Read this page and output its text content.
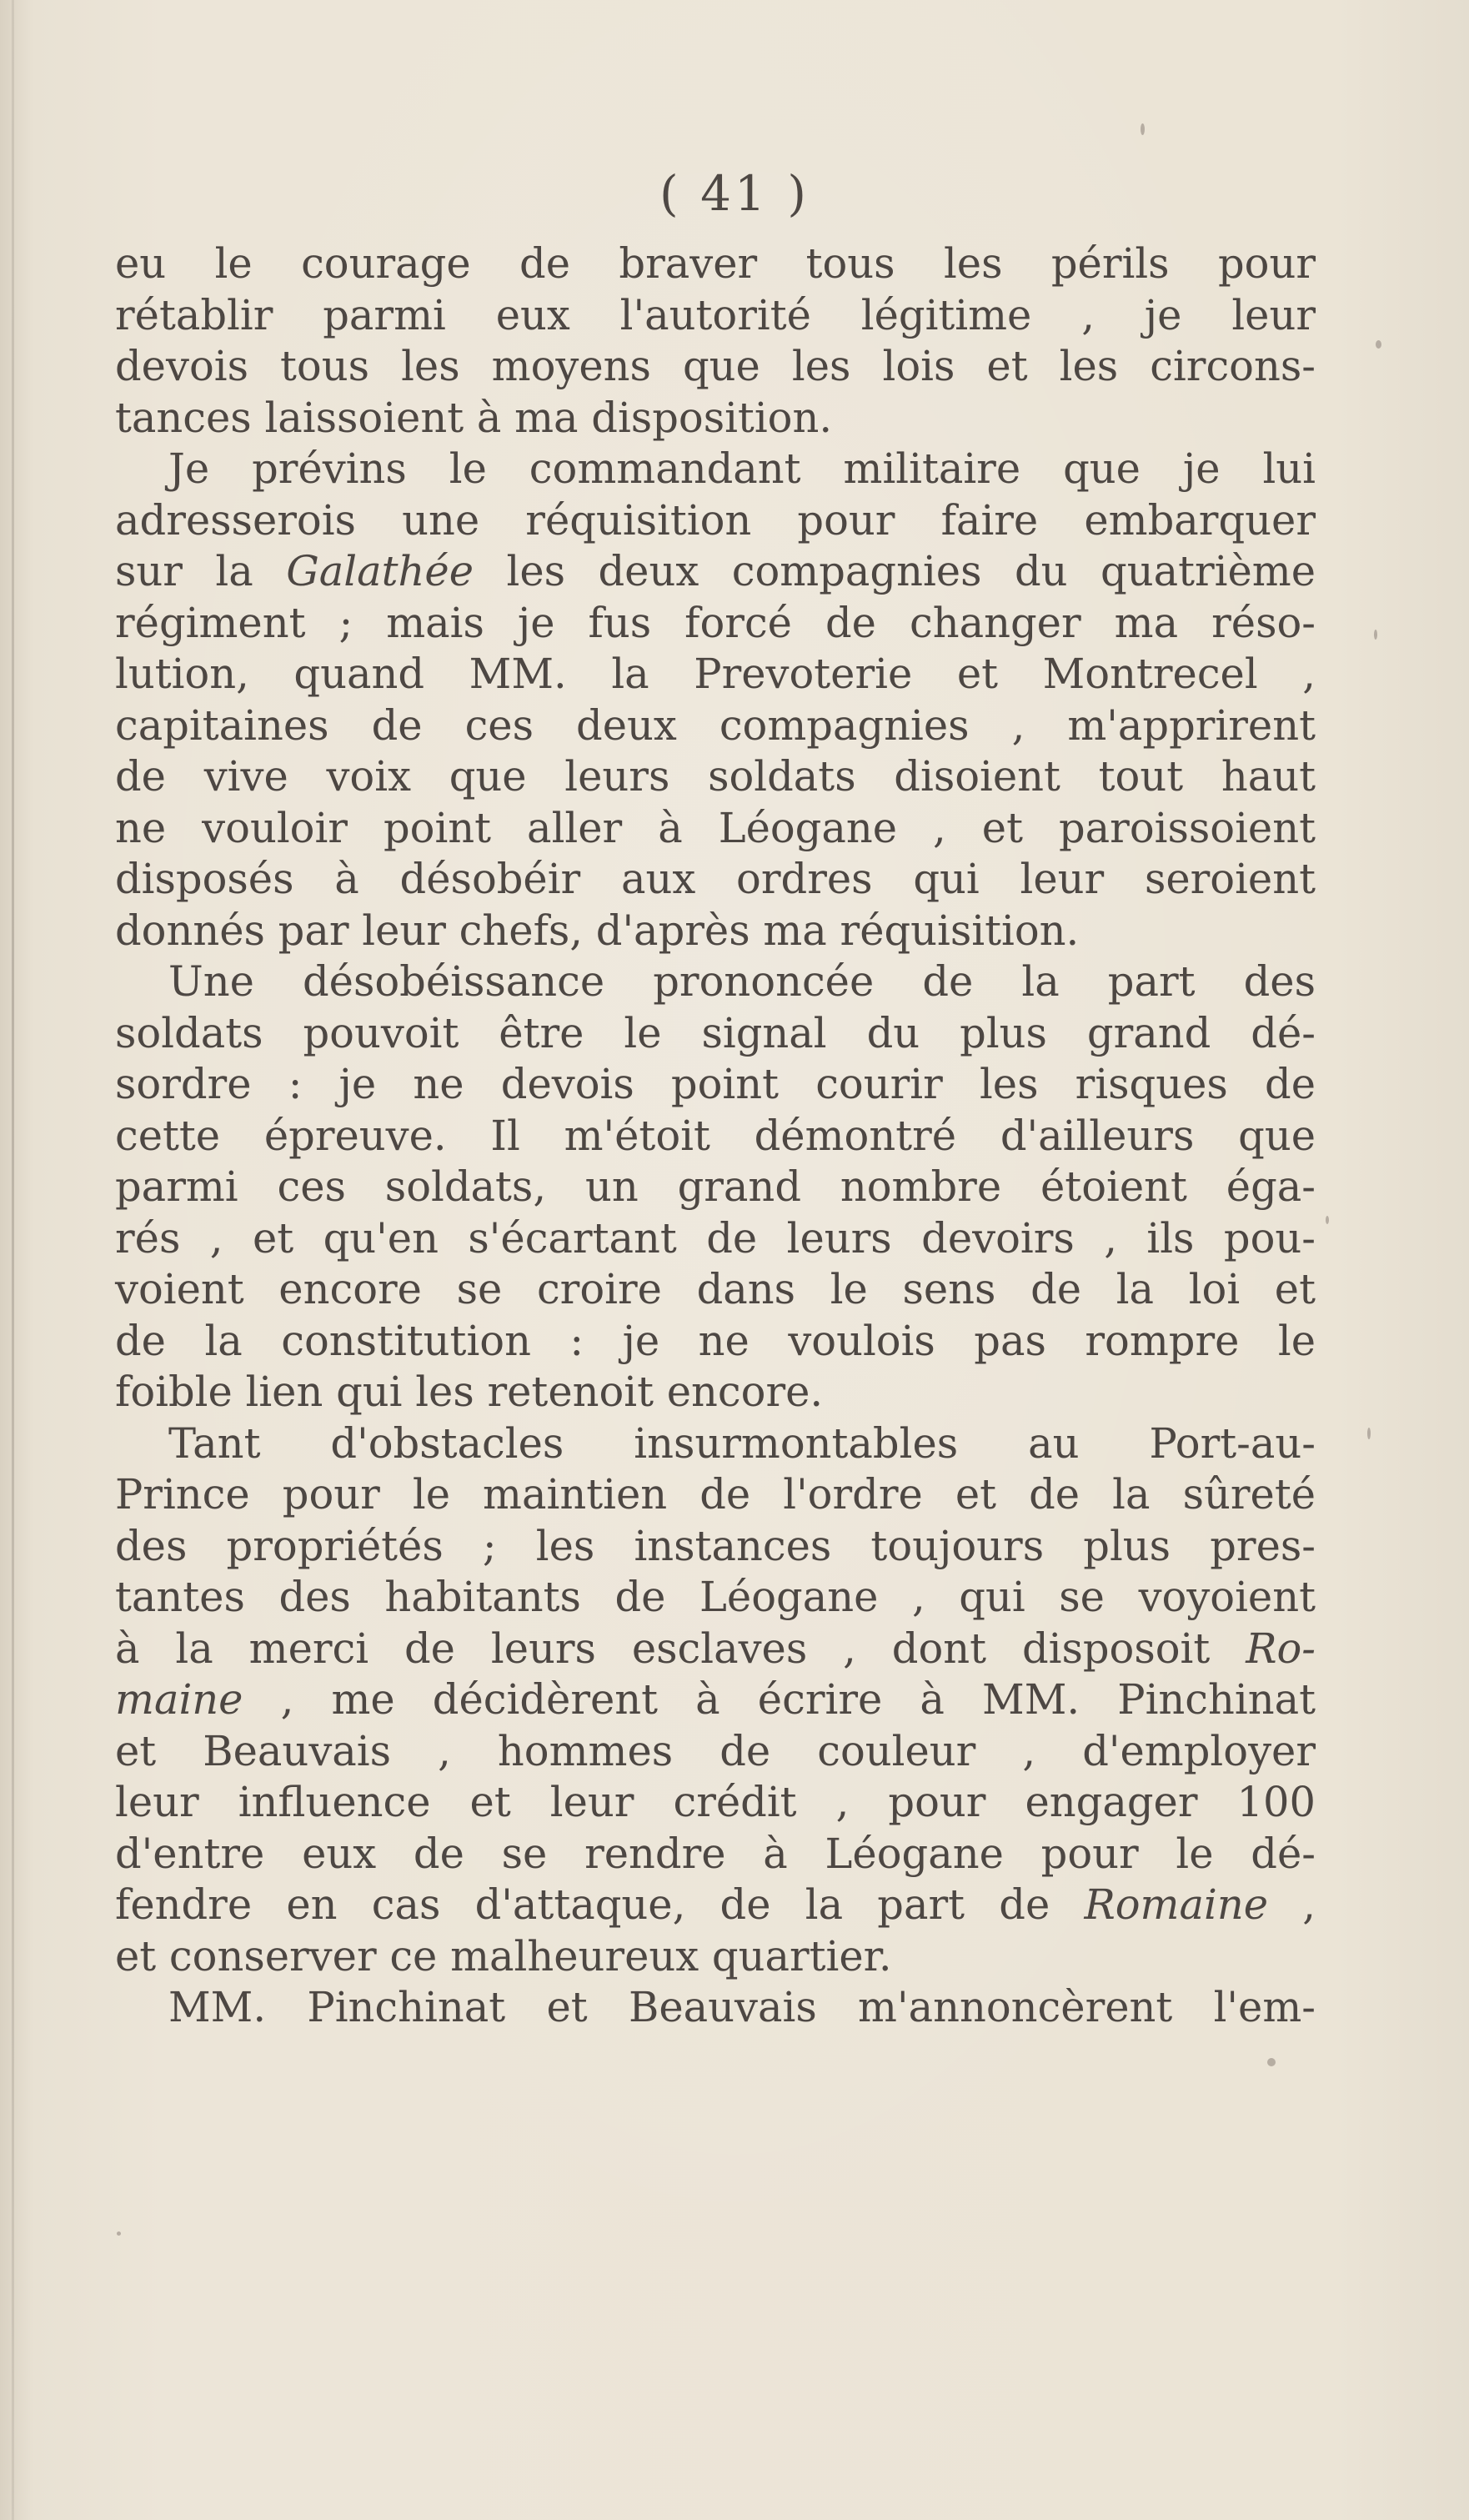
( 41 )
eu le courage de braver tous les périls pour
rétablir parmi eux l'autorité légitime , je leur
devois tous les moyens que les lois et les circons-
tances laissoient à ma disposition.
Je prévins le commandant militaire que je lui
adresserois une réquisition pour faire embarquer
sur la Galathée les deux compagnies du quatrième
régiment ; mais je fus forcé de changer ma réso-
lution, quand MM. la Prevoterie et Montrecel ,
capitaines de ces deux compagnies , m'apprirent
de vive voix que leurs soldats disoient tout haut
ne vouloir point aller à Léogane , et paroissoient
disposés à désobéir aux ordres qui leur seroient
donnés par leur chefs, d'après ma réquisition.
Une désobéissance prononcée de la part des
soldats pouvoit être le signal du plus grand dé-
sordre : je ne devois point courir les risques de
cette épreuve. Il m'étoit démontré d'ailleurs que
parmi ces soldats, un grand nombre étoient éga-
rés , et qu'en s'écartant de leurs devoirs , ils pou-
voient encore se croire dans le sens de la loi et
de la constitution : je ne voulois pas rompre le
foible lien qui les retenoit encore.
Tant d'obstacles insurmontables au Port-au-
Prince pour le maintien de l'ordre et de la sûreté
des propriétés ; les instances toujours plus pres-
tantes des habitants de Léogane , qui se voyoient
à la merci de leurs esclaves , dont disposoit Ro-
maine , me décidèrent à écrire à MM. Pinchinat
et Beauvais , hommes de couleur , d'employer
leur influence et leur crédit , pour engager 100
d'entre eux de se rendre à Léogane pour le dé-
fendre en cas d'attaque, de la part de Romaine ,
et conserver ce malheureux quartier.
MM. Pinchinat et Beauvais m'annoncèrent l'em-
